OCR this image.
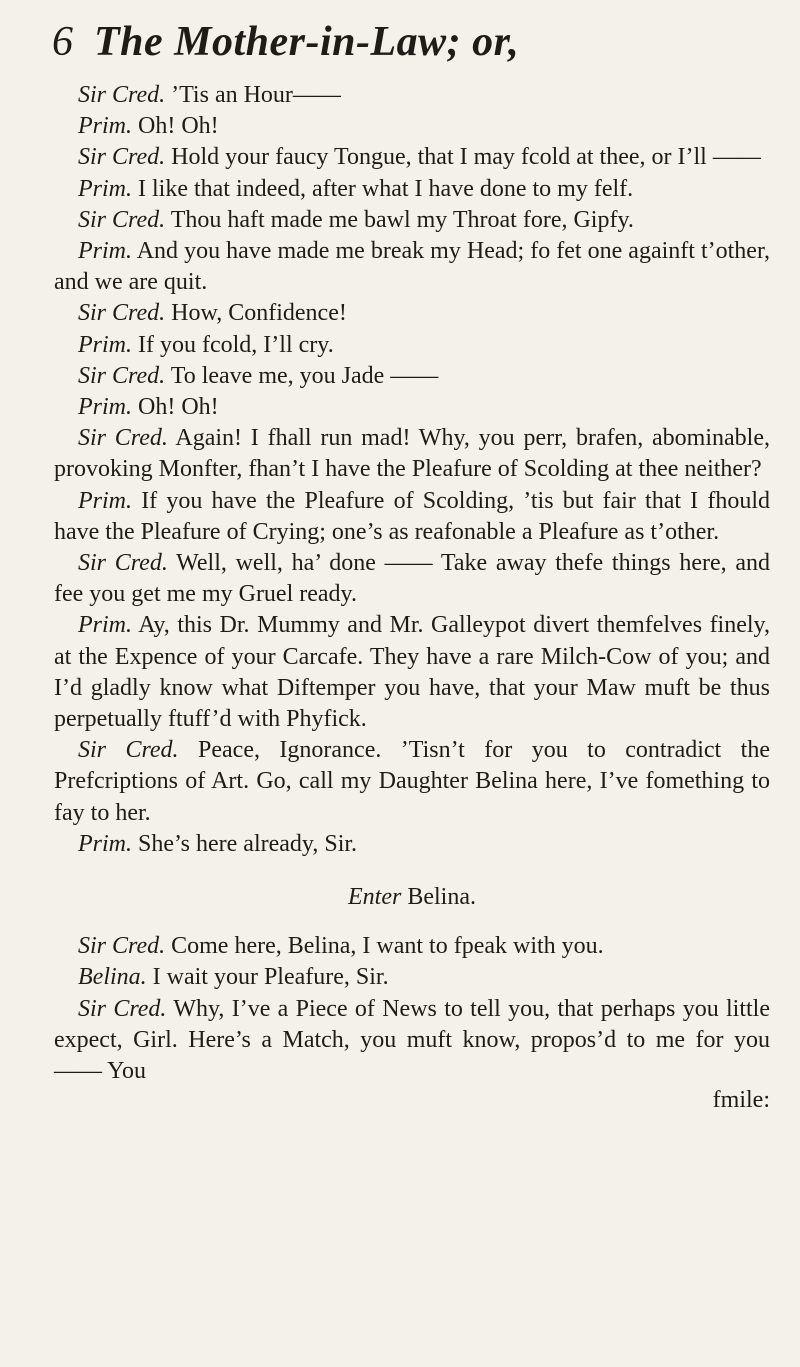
6 The Mother-in-Law; or,

Sir Cred. ’Tis an Hour——

Prim. Oh! Oh!

Sir Cred. Hold your faucy Tongue, that I may fcold at thee, or I’ll ——

Prim. I like that indeed, after what I have done to my felf.

Sir Cred. Thou haft made me bawl my Throat fore, Gipfy.

Prim. And you have made me break my Head; fo fet one againft t’other, and we are quit.

Sir Cred. How, Confidence!

Prim. If you fcold, I’ll cry.

Sir Cred. To leave me, you Jade ——

Prim. Oh! Oh!

Sir Cred. Again! I fhall run mad! Why, you perr, brafen, abominable, provoking Monfter, fhan’t I have the Pleafure of Scolding at thee neither?

Prim. If you have the Pleafure of Scolding, ’tis but fair that I fhould have the Pleafure of Crying; one’s as reafonable a Pleafure as t’other.

Sir Cred. Well, well, ha’ done —— Take away thefe things here, and fee you get me my Gruel ready.

Prim. Ay, this Dr. Mummy and Mr. Galleypot divert themfelves finely, at the Expence of your Carcafe. They have a rare Milch-Cow of you; and I’d gladly know what Diftemper you have, that your Maw muft be thus perpetually ftuff’d with Phyfick.

Sir Cred. Peace, Ignorance. ’Tisn’t for you to contradict the Prefcriptions of Art. Go, call my Daughter Belina here, I’ve fomething to fay to her.

Prim. She’s here already, Sir.

Enter Belina.

Sir Cred. Come here, Belina, I want to fpeak with you.

Belina. I wait your Pleafure, Sir.

Sir Cred. Why, I’ve a Piece of News to tell you, that perhaps you little expect, Girl. Here’s a Match, you muft know, propos’d to me for you —— You

fmile:
